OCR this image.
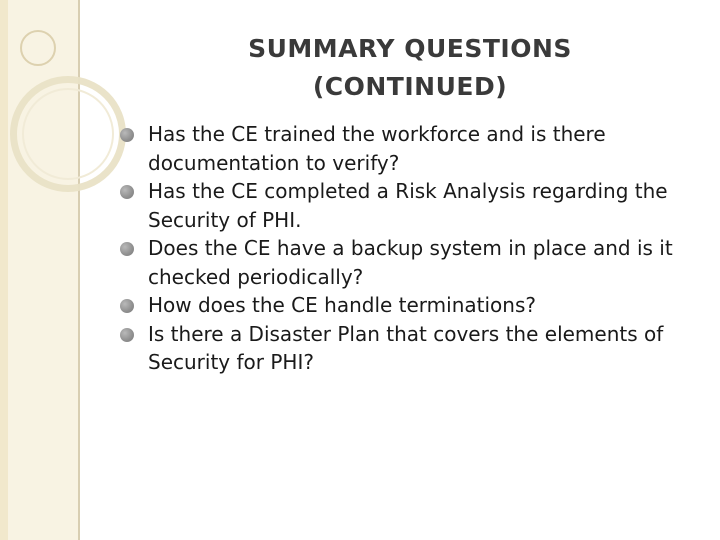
SUMMARY QUESTIONS
(CONTINUED)
Has the CE trained the workforce and is there documentation to verify?
Has the CE completed a Risk Analysis regarding the Security of PHI.
Does the CE have a backup system in place and is it checked periodically?
How does the CE handle terminations?
Is there a Disaster Plan that covers the elements of Security for PHI?
